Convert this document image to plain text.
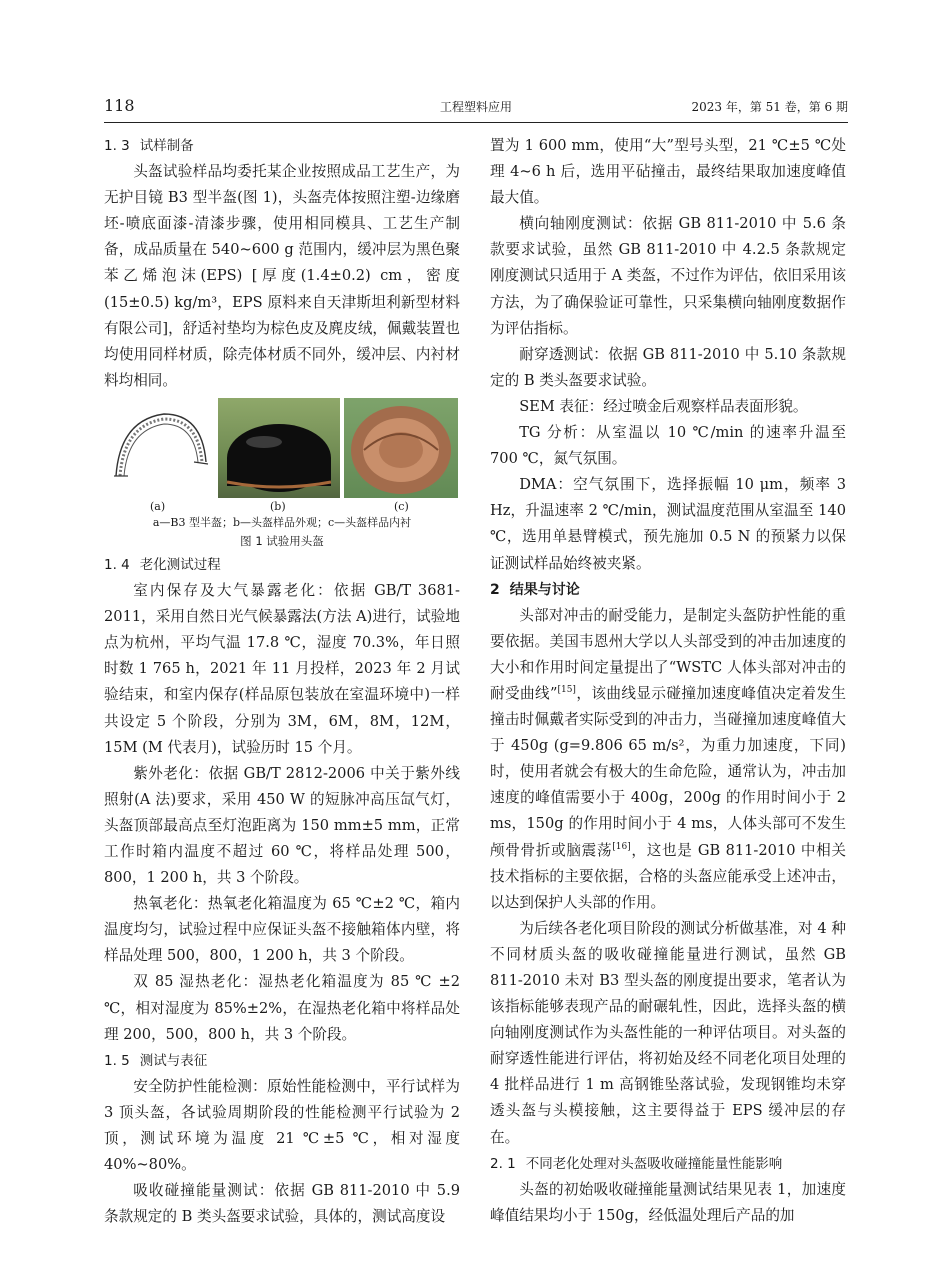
118	工程塑料应用	2023 年，第 51 卷，第 6 期
1. 3 试样制备

头盔试验样品均委托某企业按照成品工艺生产，为无护目镜 B3 型半盔(图 1)，头盔壳体按照注塑-边缘磨坯-喷底面漆-清漆步骤，使用相同模具、工艺生产制备，成品质量在 540~600 g 范围内，缓冲层为黑色聚苯乙烯泡沫(EPS) [厚度(1.4±0.2) cm，密度(15±0.5) kg/m³，EPS 原料来自天津斯坦利新型材料有限公司]，舒适衬垫均为棕色皮及麂皮绒，佩戴装置也均使用同样材质，除壳体材质不同外，缓冲层、内衬材料均相同。

(a)	(b)	(c)
a—B3 型半盔；b—头盔样品外观；c—头盔样品内衬
图 1 试验用头盔
1. 4 老化测试过程

室内保存及大气暴露老化：依据 GB/T 3681-2011，采用自然日光气候暴露法(方法 A)进行，试验地点为杭州，平均气温 17.8 ℃，湿度 70.3%，年日照时数 1 765 h，2021 年 11 月投样，2023 年 2 月试验结束，和室内保存(样品原包装放在室温环境中)一样共设定 5 个阶段，分别为 3M，6M，8M，12M，15M (M 代表月)，试验历时 15 个月。

紫外老化：依据 GB/T 2812-2006 中关于紫外线照射(A 法)要求，采用 450 W 的短脉冲高压氙气灯，头盔顶部最高点至灯泡距离为 150 mm±5 mm，正常工作时箱内温度不超过 60 ℃，将样品处理 500，800，1 200 h，共 3 个阶段。

热氧老化：热氧老化箱温度为 65 ℃±2 ℃，箱内温度均匀，试验过程中应保证头盔不接触箱体内壁，将样品处理 500，800，1 200 h，共 3 个阶段。

双 85 湿热老化：湿热老化箱温度为 85 ℃ ±2 ℃，相对湿度为 85%±2%，在湿热老化箱中将样品处理 200，500，800 h，共 3 个阶段。

1. 5 测试与表征

安全防护性能检测：原始性能检测中，平行试样为 3 顶头盔，各试验周期阶段的性能检测平行试验为 2 顶，测试环境为温度 21 ℃±5 ℃，相对湿度 40%~80%。

吸收碰撞能量测试：依据 GB 811-2010 中 5.9 条款规定的 B 类头盔要求试验，具体的，测试高度设

置为 1 600 mm，使用“大”型号头型，21 ℃±5 ℃处理 4~6 h 后，选用平砧撞击，最终结果取加速度峰值最大值。

横向轴刚度测试：依据 GB 811-2010 中 5.6 条款要求试验，虽然 GB 811-2010 中 4.2.5 条款规定刚度测试只适用于 A 类盔，不过作为评估，依旧采用该方法，为了确保验证可靠性，只采集横向轴刚度数据作为评估指标。

耐穿透测试：依据 GB 811-2010 中 5.10 条款规定的 B 类头盔要求试验。

SEM 表征：经过喷金后观察样品表面形貌。

TG 分析：从室温以 10 ℃/min 的速率升温至 700 ℃，氮气氛围。

DMA：空气氛围下，选择振幅 10 μm，频率 3 Hz，升温速率 2 ℃/min，测试温度范围从室温至 140 ℃，选用单悬臂模式，预先施加 0.5 N 的预紧力以保证测试样品始终被夹紧。

2 结果与讨论

头部对冲击的耐受能力，是制定头盔防护性能的重要依据。美国韦恩州大学以人头部受到的冲击加速度的大小和作用时间定量提出了“WSTC 人体头部对冲击的耐受曲线”[15]，该曲线显示碰撞加速度峰值决定着发生撞击时佩戴者实际受到的冲击力，当碰撞加速度峰值大于 450g (g=9.806 65 m/s²，为重力加速度，下同)时，使用者就会有极大的生命危险，通常认为，冲击加速度的峰值需要小于 400g，200g 的作用时间小于 2 ms，150g 的作用时间小于 4 ms，人体头部可不发生颅骨骨折或脑震荡[16]，这也是 GB 811-2010 中相关技术指标的主要依据，合格的头盔应能承受上述冲击，以达到保护人头部的作用。

为后续各老化项目阶段的测试分析做基准，对 4 种不同材质头盔的吸收碰撞能量进行测试，虽然 GB 811-2010 未对 B3 型头盔的刚度提出要求，笔者认为该指标能够表现产品的耐碾轧性，因此，选择头盔的横向轴刚度测试作为头盔性能的一种评估项目。对头盔的耐穿透性能进行评估，将初始及经不同老化项目处理的 4 批样品进行 1 m 高钢锥坠落试验，发现钢锥均未穿透头盔与头模接触，这主要得益于 EPS 缓冲层的存在。

2. 1 不同老化处理对头盔吸收碰撞能量性能影响

头盔的初始吸收碰撞能量测试结果见表 1，加速度峰值结果均小于 150g，经低温处理后产品的加
